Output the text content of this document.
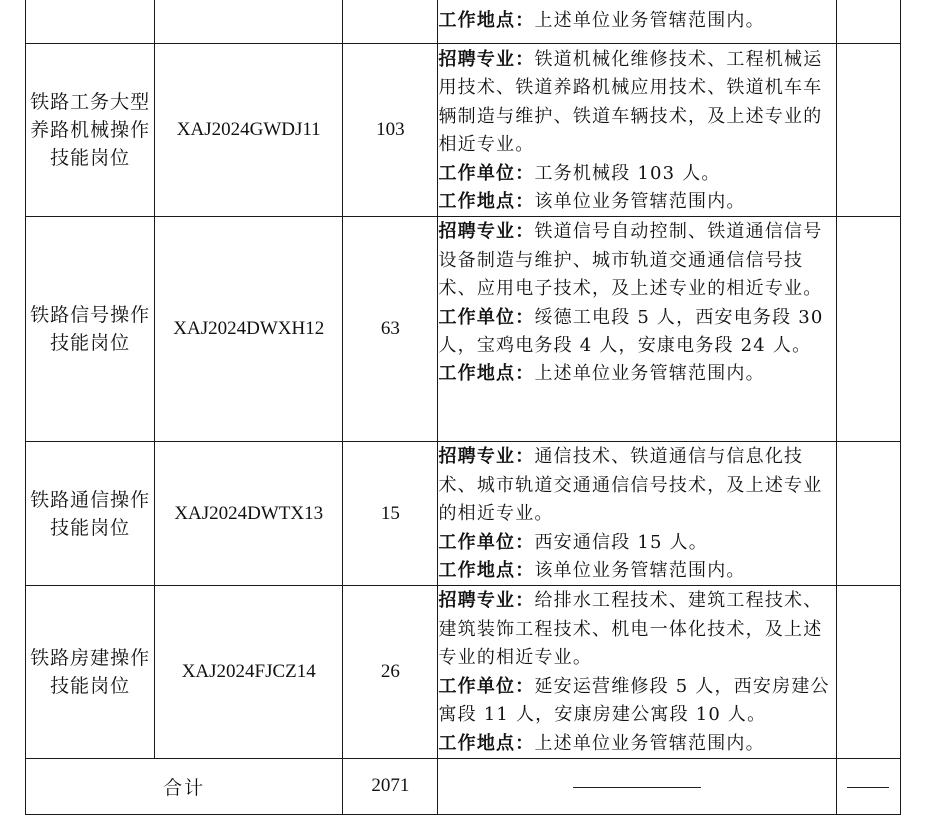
			工作地点：上述单位业务管辖范围内。	

铁路工务大型养路机械操作技能岗位	XAJ2024GWDJ11	103	招聘专业：铁道机械化维修技术、工程机械运用技术、铁道养路机械应用技术、铁道机车车辆制造与维护、铁道车辆技术，及上述专业的相近专业。

工作单位：工务机械段 103 人。

工作地点：该单位业务管辖范围内。	

铁路信号操作技能岗位	XAJ2024DWXH12	63	招聘专业：铁道信号自动控制、铁道通信信号设备制造与维护、城市轨道交通通信信号技术、应用电子技术，及上述专业的相近专业。

工作单位：绥德工电段 5 人，西安电务段 30 人，宝鸡电务段 4 人，安康电务段 24 人。

工作地点：上述单位业务管辖范围内。	

铁路通信操作技能岗位	XAJ2024DWTX13	15	招聘专业：通信技术、铁道通信与信息化技术、城市轨道交通通信信号技术，及上述专业的相近专业。

工作单位：西安通信段 15 人。

工作地点：该单位业务管辖范围内。	

铁路房建操作技能岗位	XAJ2024FJCZ14	26	招聘专业：给排水工程技术、建筑工程技术、建筑装饰工程技术、机电一体化技术，及上述专业的相近专业。

工作单位：延安运营维修段 5 人，西安房建公寓段 11 人，安康房建公寓段 10 人。

工作地点：上述单位业务管辖范围内。	

合计		2071		
